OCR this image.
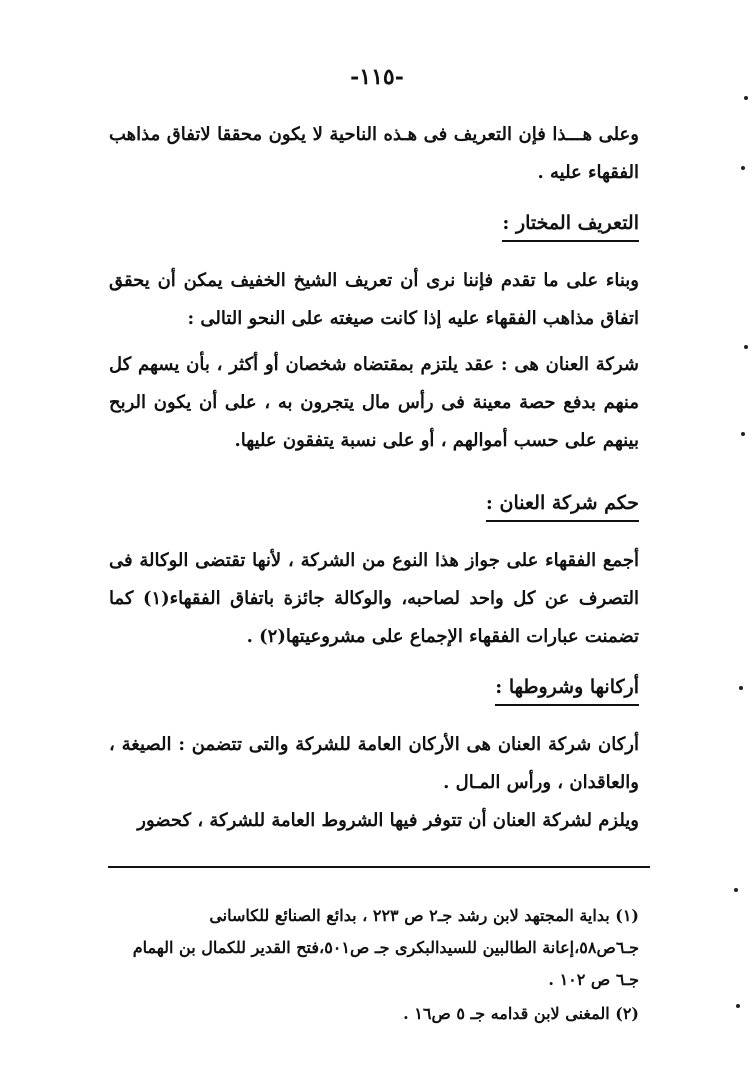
-١١٥-
وعلى هـــذا فإن التعريف فى هـذه الناحية لا يكون محققا لاتفاق مذاهب الفقهاء عليه .
التعريف المختار :
وبناء على ما تقدم فإننا نرى أن تعريف الشيخ الخفيف يمكن أن يحقق اتفاق مذاهب الفقهاء عليه إذا كانت صيغته على النحو التالى :
شركة العنان هى : عقد يلتزم بمقتضاه شخصان أو أكثر ، بأن يسهم كل منهم بدفع حصة معينة فى رأس مال يتجرون به ، على أن يكون الربح بينهم على حسب أموالهم ، أو على نسبة يتفقون عليها.
حكم شركة العنان :
أجمع الفقهاء على جواز هذا النوع من الشركة ، لأنها تقتضى الوكالة فى التصرف عن كل واحد لصاحبه، والوكالة جائزة باتفاق الفقهاء(١) كما تضمنت عبارات الفقهاء الإجماع على مشروعيتها(٢) .
أركانها وشروطها :
أركان شركة العنان هى الأركان العامة للشركة والتى تتضمن : الصيغة ، والعاقدان ، ورأس المـال .
ويلزم لشركة العنان أن تتوفر فيها الشروط العامة للشركة ، كحضور
(١) بداية المجتهد لابن رشد جـ٢ ص ٢٢٣ ، بدائع الصنائع للكاسانى جـ٦ص٥٨،إعانة الطالبين للسيدالبكرى جـ ص٥٠١،فتح القدير للكمال بن الهمام جـ٦ ص ١٠٢ .
(٢) المغنى لابن قدامه جـ ٥ ص١٦ .
